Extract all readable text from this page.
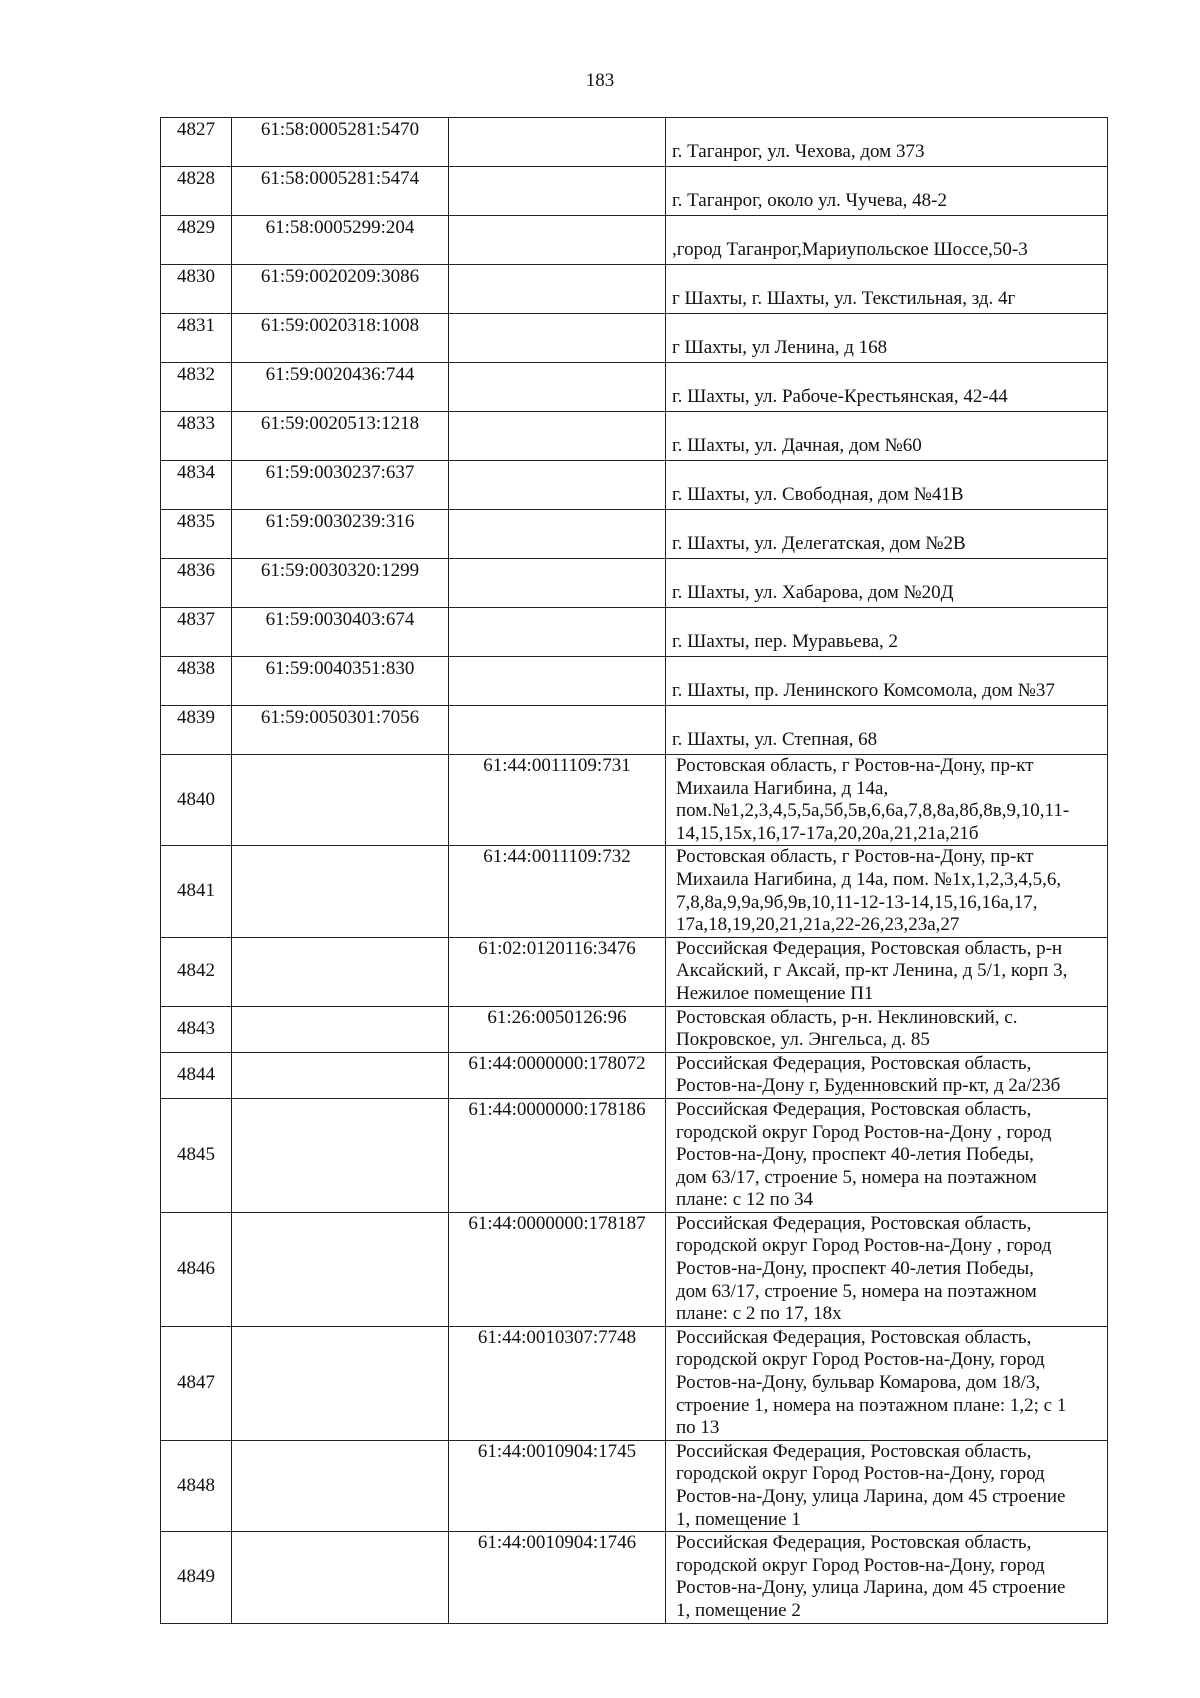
183
4827	61:58:0005281:5470		г. Таганрог, ул. Чехова, дом 373
4828	61:58:0005281:5474		г. Таганрог, около ул. Чучева, 48-2
4829	61:58:0005299:204		,город Таганрог,Мариупольское Шоссе,50-3
4830	61:59:0020209:3086		г Шахты, г. Шахты, ул. Текстильная, зд. 4г
4831	61:59:0020318:1008		г Шахты, ул Ленина, д 168
4832	61:59:0020436:744		г. Шахты, ул. Рабоче-Крестьянская, 42-44
4833	61:59:0020513:1218		г. Шахты, ул. Дачная, дом №60
4834	61:59:0030237:637		г. Шахты, ул. Свободная, дом №41В
4835	61:59:0030239:316		г. Шахты, ул. Делегатская, дом №2В
4836	61:59:0030320:1299		г. Шахты, ул. Хабарова, дом №20Д
4837	61:59:0030403:674		г. Шахты, пер. Муравьева, 2
4838	61:59:0040351:830		г. Шахты, пр. Ленинского Комсомола, дом №37
4839	61:59:0050301:7056		г. Шахты, ул. Степная, 68
4840		61:44:0011109:731	Ростовская область, г Ростов-на-Дону, пр-кт
Михаила Нагибина, д 14а,
пом.№1,2,3,4,5,5а,5б,5в,6,6а,7,8,8а,8б,8в,9,10,11-
14,15,15х,16,17-17а,20,20а,21,21а,21б

4841		61:44:0011109:732	Ростовская область, г Ростов-на-Дону, пр-кт
Михаила Нагибина, д 14а, пом. №1х,1,2,3,4,5,6,
7,8,8а,9,9а,9б,9в,10,11-12-13-14,15,16,16а,17,
17а,18,19,20,21,21а,22-26,23,23а,27

4842		61:02:0120116:3476	Российская Федерация, Ростовская область, р-н
Аксайский, г Аксай, пр-кт Ленина, д 5/1, корп 3,
Нежилое помещение П1

4843		61:26:0050126:96	Ростовская область, р-н. Неклиновский, с.
Покровское, ул. Энгельса, д. 85

4844		61:44:0000000:178072	Российская Федерация, Ростовская область,
Ростов-на-Дону г, Буденновский пр-кт, д 2а/23б

4845		61:44:0000000:178186	Российская Федерация, Ростовская область,
городской округ Город Ростов-на-Дону , город
Ростов-на-Дону, проспект 40-летия Победы,
дом 63/17, строение 5, номера на поэтажном
плане: с 12 по 34

4846		61:44:0000000:178187	Российская Федерация, Ростовская область,
городской округ Город Ростов-на-Дону , город
Ростов-на-Дону, проспект 40-летия Победы,
дом 63/17, строение 5, номера на поэтажном
плане: с 2 по 17, 18х

4847		61:44:0010307:7748	Российская Федерация, Ростовская область,
городской округ Город Ростов-на-Дону, город
Ростов-на-Дону, бульвар Комарова, дом 18/3,
строение 1, номера на поэтажном плане: 1,2; с 1
по 13

4848		61:44:0010904:1745	Российская Федерация, Ростовская область,
городской округ Город Ростов-на-Дону, город
Ростов-на-Дону, улица Ларина, дом 45 строение
1, помещение 1

4849		61:44:0010904:1746	Российская Федерация, Ростовская область,
городской округ Город Ростов-на-Дону, город
Ростов-на-Дону, улица Ларина, дом 45 строение
1, помещение 2
